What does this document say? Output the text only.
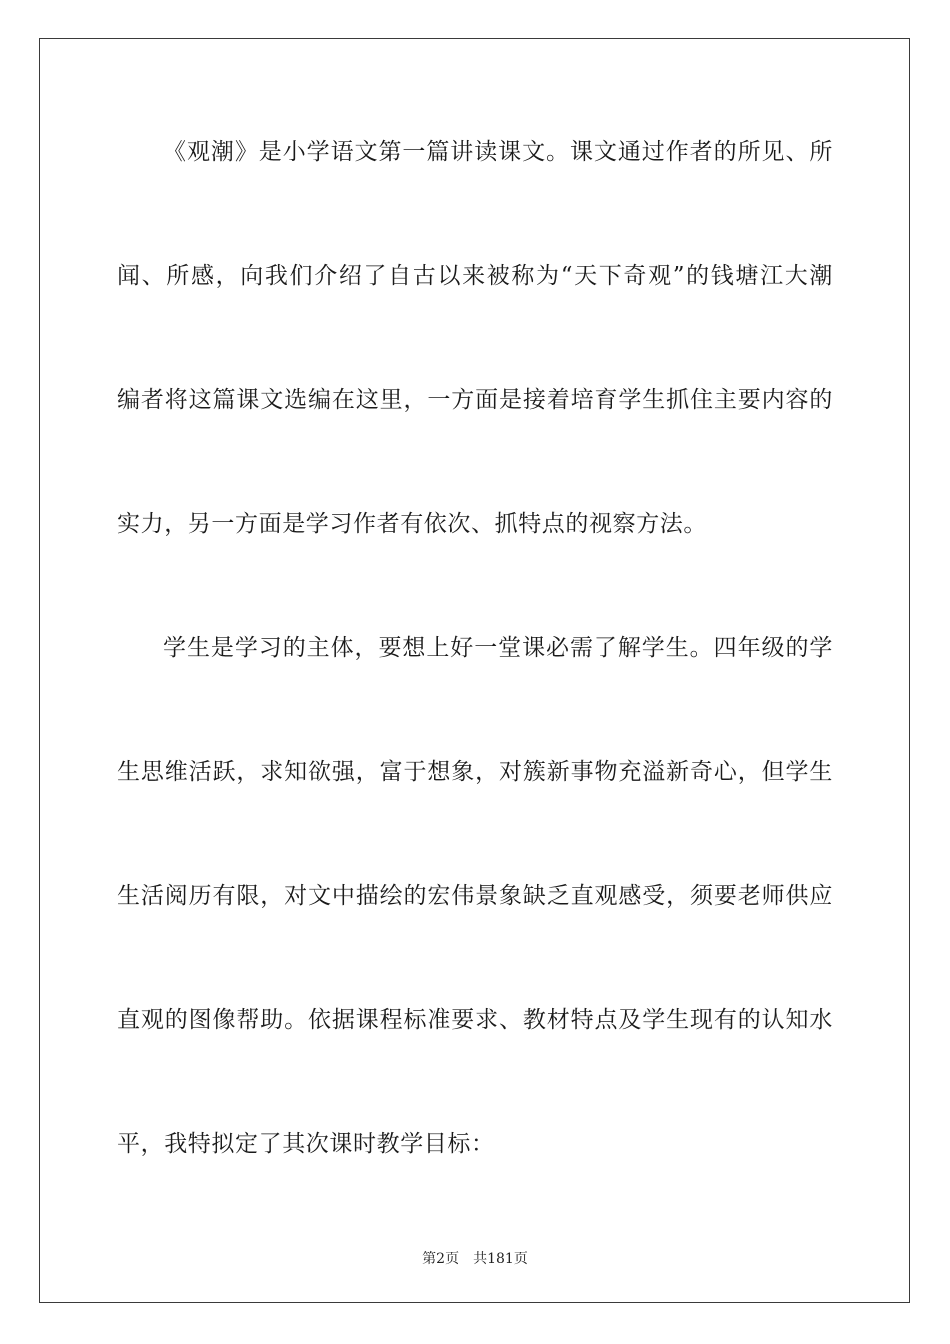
《观潮》是小学语文第一篇讲读课文。课文通过作者的所见、所
闻、所感，向我们介绍了自古以来被称为“天下奇观”的钱塘江大潮
编者将这篇课文选编在这里，一方面是接着培育学生抓住主要内容的
实力，另一方面是学习作者有依次、抓特点的视察方法。
学生是学习的主体，要想上好一堂课必需了解学生。四年级的学
生思维活跃，求知欲强，富于想象，对簇新事物充溢新奇心，但学生
生活阅历有限，对文中描绘的宏伟景象缺乏直观感受，须要老师供应
直观的图像帮助。依据课程标准要求、教材特点及学生现有的认知水
平，我特拟定了其次课时教学目标：
第2页 共181页
